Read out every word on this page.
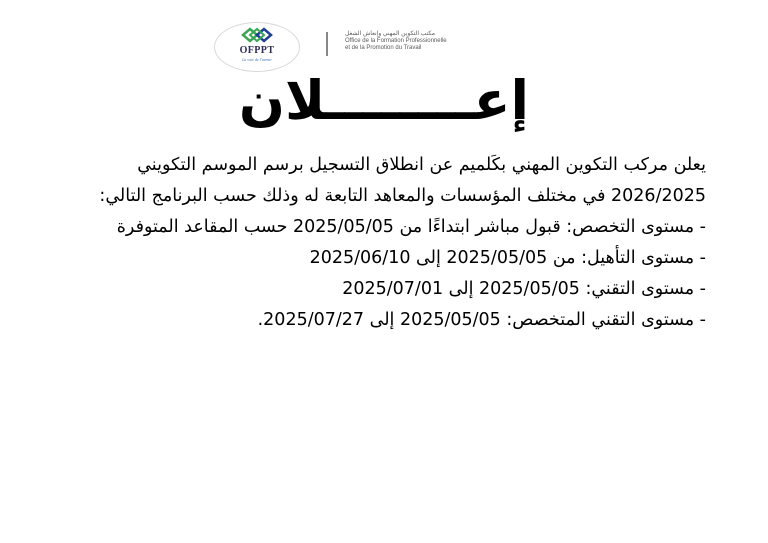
OFPPT
La voie de l'avenir
مكتب التكوين المهني وإنعاش الشغل
Office de la Formation Professionnelle
et de la Promotion du Travail
إعــــــــلان

يعلن مركب التكوين المهني بكَلميم عن انطلاق التسجيل برسم الموسم التكويني 2026/2025 في مختلف المؤسسات والمعاهد التابعة له وذلك حسب البرنامج التالي:

- مستوى التخصص: قبول مباشر ابتداءًا من 2025/05/05 حسب المقاعد المتوفرة
- مستوى التأهيل: من 2025/05/05 إلى 2025/06/10
- مستوى التقني: 2025/05/05 إلى 2025/07/01
- مستوى التقني المتخصص: 2025/05/05 إلى 2025/07/27.
